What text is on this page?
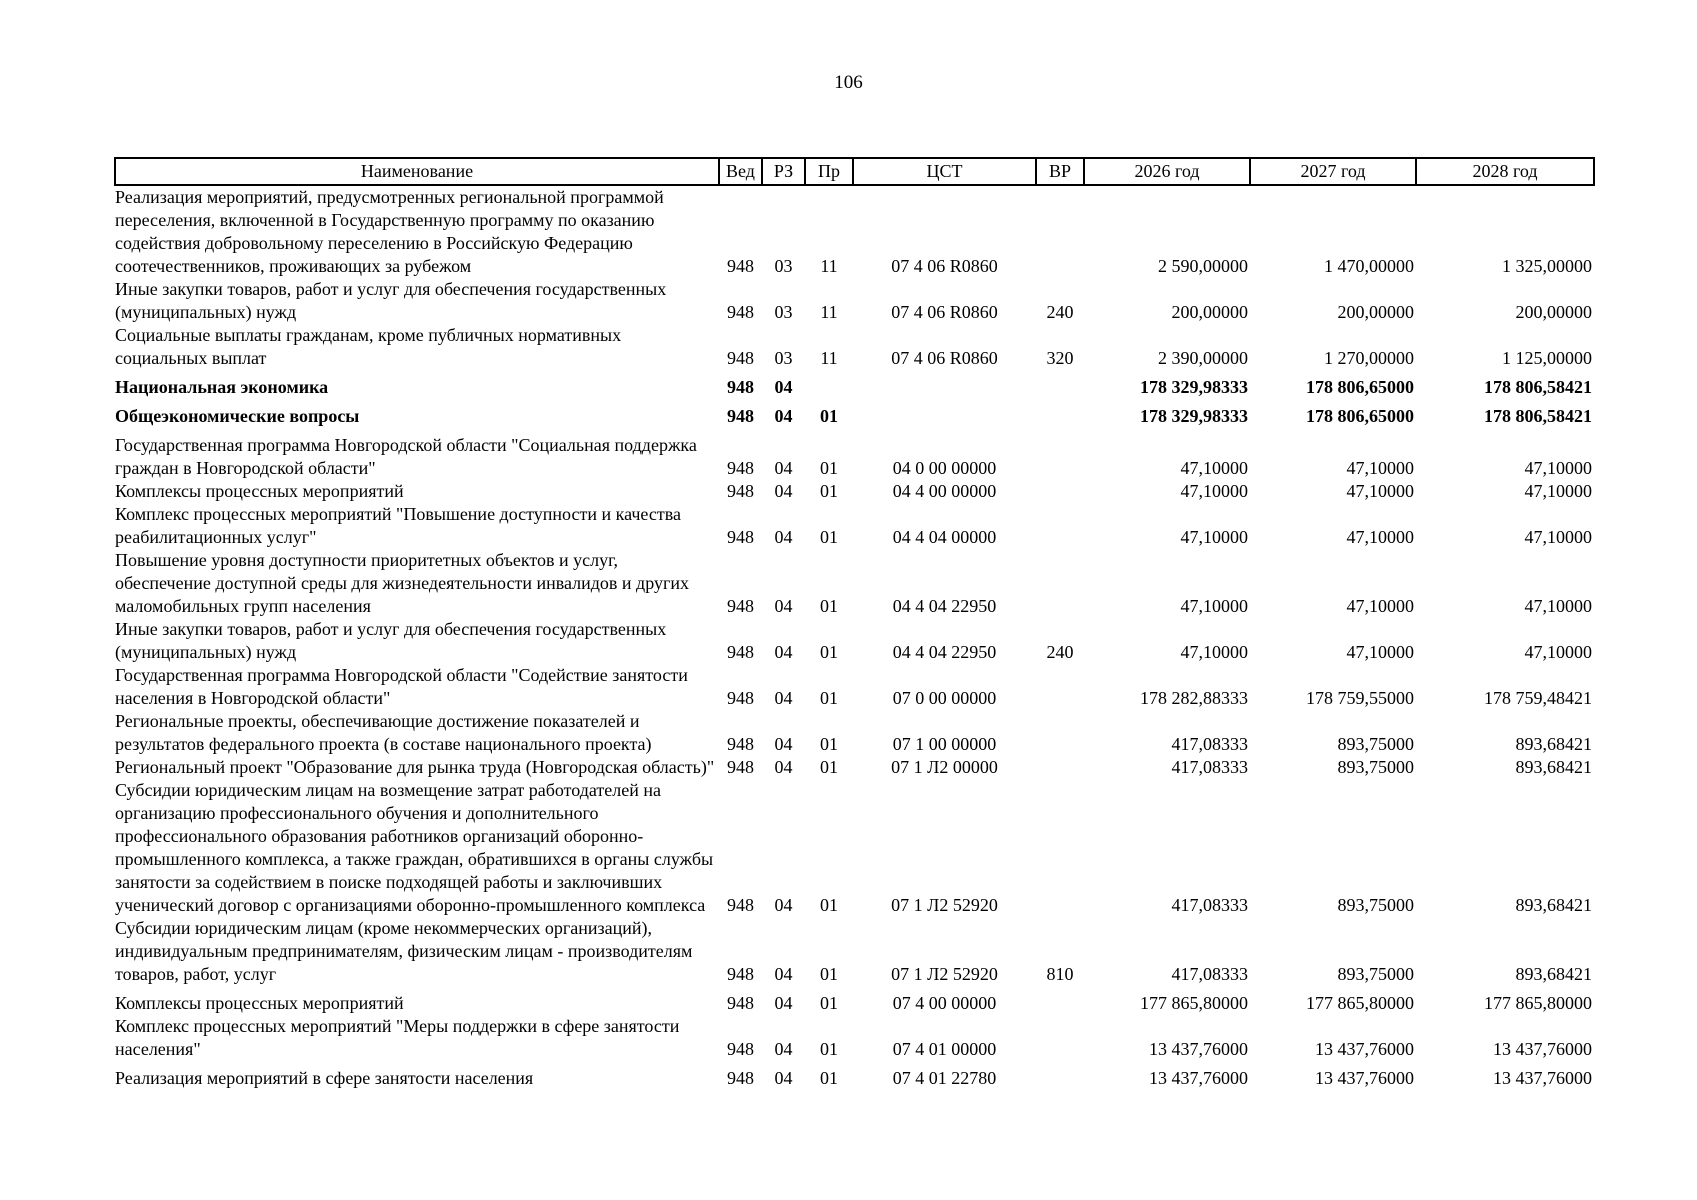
106
Наименование	Вед	РЗ	Пр	ЦСТ	ВР	2026 год	2027 год	2028 год
Реализация мероприятий, предусмотренных региональной программой переселения, включенной в Государственную программу по оказанию содействия добровольному переселению в Российскую Федерацию соотечественников, проживающих за рубежом	948	03	11	07 4 06 R0860		2 590,00000	1 470,00000	1 325,00000
Иные закупки товаров, работ и услуг для обеспечения государственных (муниципальных) нужд	948	03	11	07 4 06 R0860	240	200,00000	200,00000	200,00000
Социальные выплаты гражданам, кроме публичных нормативных социальных выплат	948	03	11	07 4 06 R0860	320	2 390,00000	1 270,00000	1 125,00000
Национальная экономика	948	04				178 329,98333	178 806,65000	178 806,58421
Общеэкономические вопросы	948	04	01			178 329,98333	178 806,65000	178 806,58421
Государственная программа Новгородской области "Социальная поддержка граждан в Новгородской области"	948	04	01	04 0 00 00000		47,10000	47,10000	47,10000
Комплексы процессных мероприятий	948	04	01	04 4 00 00000		47,10000	47,10000	47,10000
Комплекс процессных мероприятий "Повышение доступности и качества реабилитационных услуг"	948	04	01	04 4 04 00000		47,10000	47,10000	47,10000
Повышение уровня доступности приоритетных объектов и услуг, обеспечение доступной среды для жизнедеятельности инвалидов и других маломобильных групп населения	948	04	01	04 4 04 22950		47,10000	47,10000	47,10000
Иные закупки товаров, работ и услуг для обеспечения государственных (муниципальных) нужд	948	04	01	04 4 04 22950	240	47,10000	47,10000	47,10000
Государственная программа Новгородской области "Содействие занятости населения в Новгородской области"	948	04	01	07 0 00 00000		178 282,88333	178 759,55000	178 759,48421
Региональные проекты, обеспечивающие достижение показателей и результатов федерального проекта (в составе национального проекта)	948	04	01	07 1 00 00000		417,08333	893,75000	893,68421
Региональный проект "Образование для рынка труда (Новгородская область)"	948	04	01	07 1 Л2 00000		417,08333	893,75000	893,68421
Субсидии юридическим лицам на возмещение затрат работодателей на организацию профессионального обучения и дополнительного профессионального образования работников организаций оборонно-промышленного комплекса, а также граждан, обратившихся в органы службы занятости за содействием в поиске подходящей работы и заключивших ученический договор с организациями оборонно-промышленного комплекса	948	04	01	07 1 Л2 52920		417,08333	893,75000	893,68421
Субсидии юридическим лицам (кроме некоммерческих организаций), индивидуальным предпринимателям, физическим лицам - производителям товаров, работ, услуг	948	04	01	07 1 Л2 52920	810	417,08333	893,75000	893,68421
Комплексы процессных мероприятий	948	04	01	07 4 00 00000		177 865,80000	177 865,80000	177 865,80000
Комплекс процессных мероприятий "Меры поддержки в сфере занятости населения"	948	04	01	07 4 01 00000		13 437,76000	13 437,76000	13 437,76000
Реализация мероприятий в сфере занятости населения	948	04	01	07 4 01 22780		13 437,76000	13 437,76000	13 437,76000
